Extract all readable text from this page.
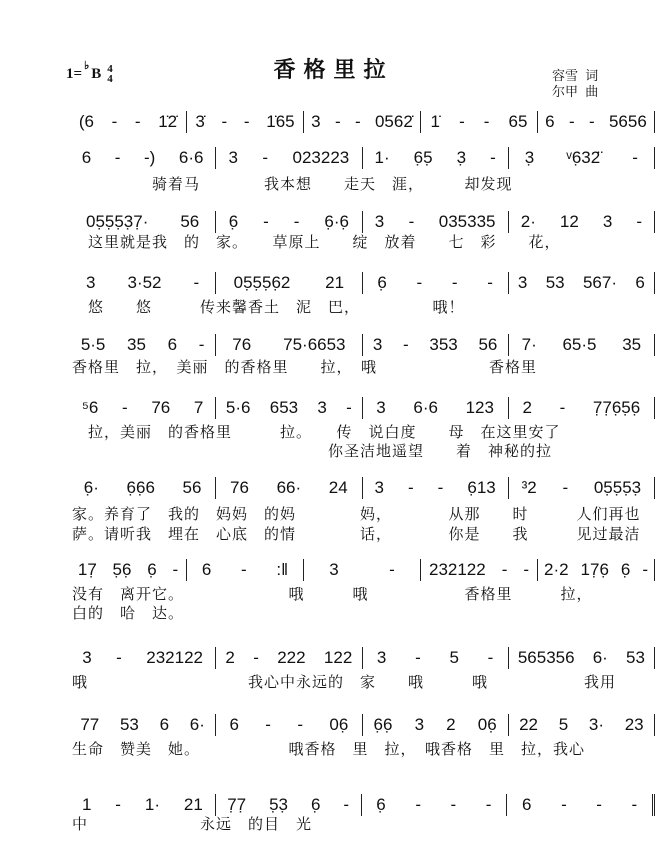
香格里拉
1= ♭ B 4
4	容雪  词
尔甲  曲
(6 - - 1̇2̇ 3̇ - - 1̇65 3 - - 0562̇ 1̇ - - 65 6 - - 5656
6 - -) 6·6 3 - 023223 1· 6̣5̣ 3̣ - 3̣ ᵛ6̣32̈ -
　　　　　骑着马　　　　我本想　　走天　涯，　　　却发现
05̣5̣5̣3̣7̣· 56 6̣ - - 6̣·6̣ 3 - 035335 2· 12 3 -
　这里就是我　的　家。　　草原上　　绽　放着　　七　彩　　花，
3 3·52 - 05̣5̣5̣6̣2 21 6̣ - - - 3 53 567· 6
　悠　　悠　　　传来馨香土　泥　巴，　　　　　哦！
5·5 35 6 - 76 75·6653 3 - 353 56 7· 65·5 35
香格里　拉，　美丽　的香格里　　拉，　哦　　　　　　　香格里
⁵6 - 76 7 5·6 653 3 - 3 6·6 123 2 - 7̣7̣6̣5̣6̣
　拉，美丽　的香格里　　　拉。　　传　说白度　　母　在这里安了
　　　　　　　　　　　　　　　　你圣洁地遥望　　着　神秘的拉
6̣· 6̣6̣6 56 76 66· 24 3 - - 6̣13 ³2 - 05̣5̣5̣3̣
家。养育了　我的　妈妈　的妈　　　　妈，　　　　从那　　时　　　人们再也
萨。请听我　埋在　心底　的情　　　　话，　　　　你是　　我　　　见过最洁
17̣ 5̣6̣ 6̣ - 6 - :‖ 3	- 232122 - - 2·2 17̣6̣ 6̣ -
没有　离开它。　　　　　　　哦　　　哦　　　　　　香格里　　　拉，
白的　哈　达。
3 - 232122 2 - 222 122 3 - 5 - 565356 6· 53
哦　　　　　　　　　　我心中永远的　家　　哦　　　哦　　　　　　我用
77 53 6 6· 6 - - 06̣ 6̣6̣ 3 2 06̣ 22 5 3· 23
生命　赞美　她。　　　　　　哦香格　里　拉，　哦香格　里　拉，我心
1 - 1· 21 7̣7̣ 5̣3̣ 6̣ - 6̣ - - - 6 - - -
中　　　　　　　永远　的目　光
